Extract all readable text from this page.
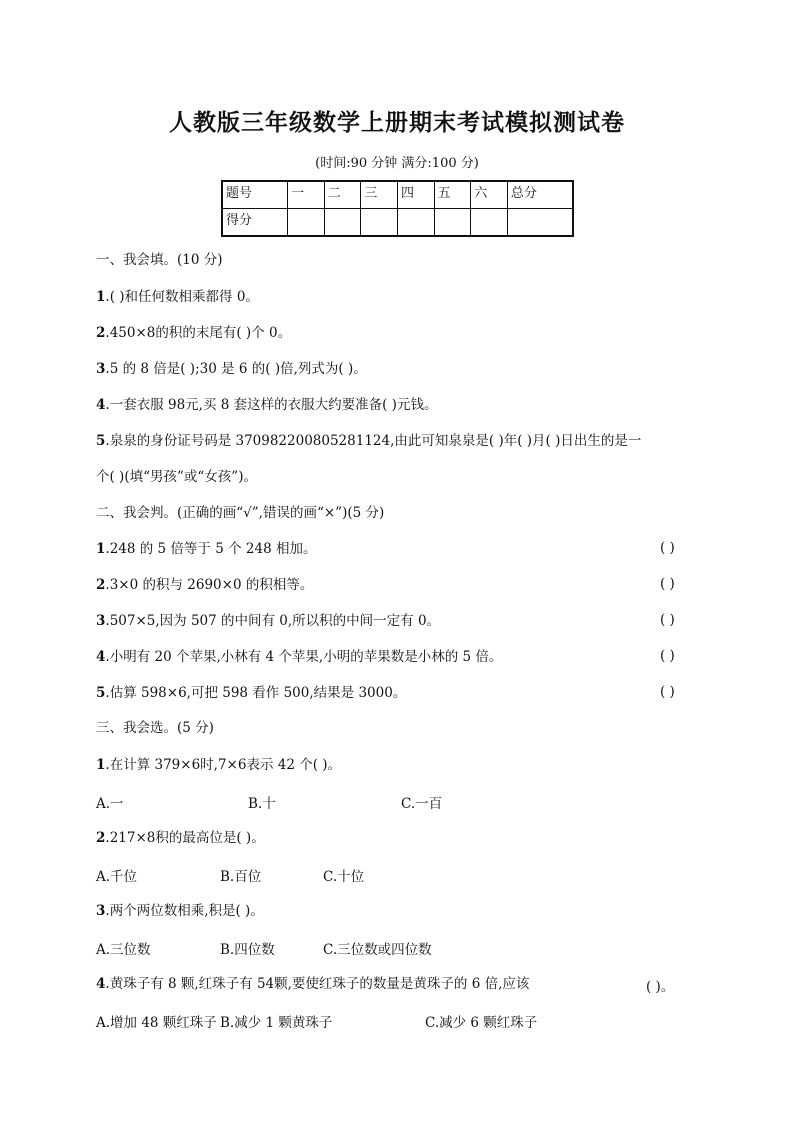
人教版三年级数学上册期末考试模拟测试卷
(时间:90 分钟 满分:100 分)
题号	一	二	三	四	五	六	总分
得分							
一、我会填。(10 分)
1.( )和任何数相乘都得 0。
2.450×8的积的末尾有( )个 0。
3.5 的 8 倍是( );30 是 6 的( )倍,列式为( )。
4.一套衣服 98元,买 8 套这样的衣服大约要准备( )元钱。
5.泉泉的身份证号码是 370982200805281124,由此可知泉泉是( )年( )月( )日出生的是一
个( )(填“男孩”或“女孩”)。
二、我会判。(正确的画“√”,错误的画“×”)(5 分)
1.248 的 5 倍等于 5 个 248 相加。	( )
2.3×0 的积与 2690×0 的积相等。	( )
3.507×5,因为 507 的中间有 0,所以积的中间一定有 0。	( )
4.小明有 20 个苹果,小林有 4 个苹果,小明的苹果数是小林的 5 倍。	( )
5.估算 598×6,可把 598 看作 500,结果是 3000。	( )
三、我会选。(5 分)
1.在计算 379×6时,7×6表示 42 个( )。
A.一	B.十	C.一百
2.217×8积的最高位是( )。
A.千位	B.百位	C.十位
3.两个两位数相乘,积是( )。
A.三位数	B.四位数	C.三位数或四位数
4.黄珠子有 8 颗,红珠子有 54颗,要使红珠子的数量是黄珠子的 6 倍,应该	( )。
A.增加 48 颗红珠子 B.减少 1 颗黄珠子	C.减少 6 颗红珠子
